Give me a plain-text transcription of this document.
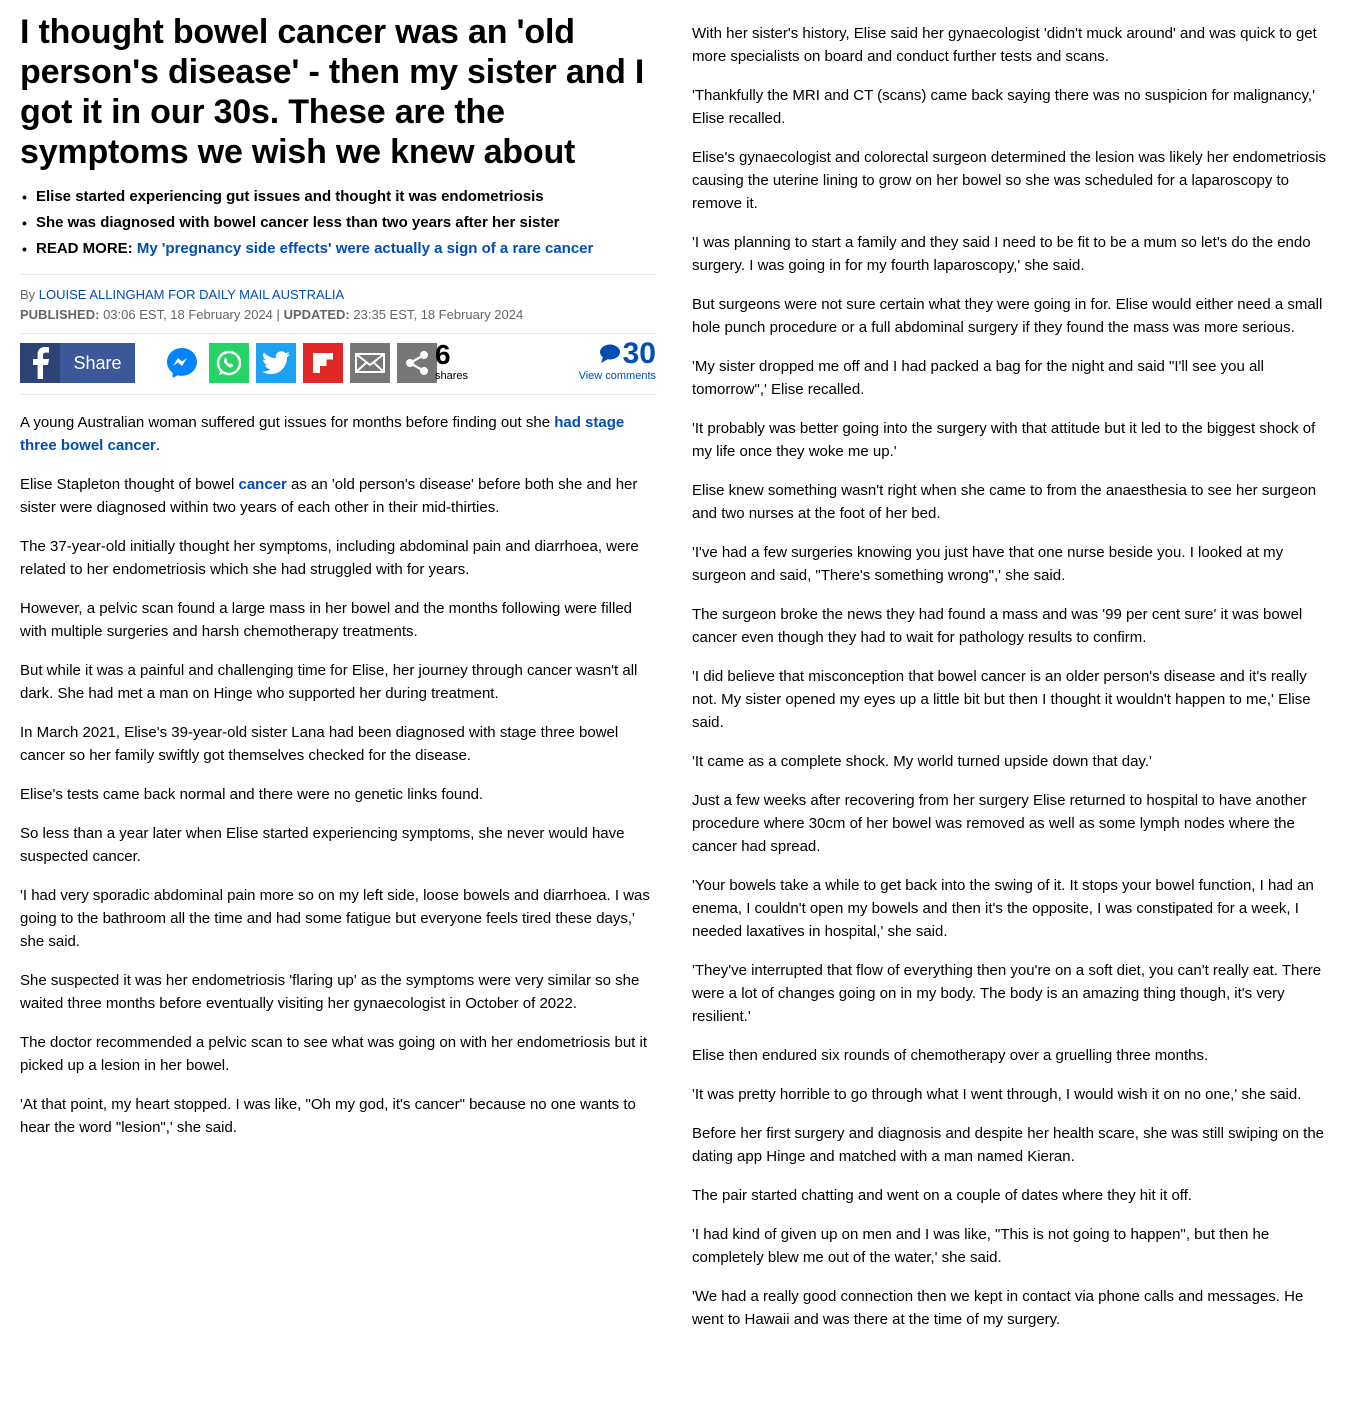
I thought bowel cancer was an 'old person's disease' - then my sister and I got it in our 30s. These are the symptoms we wish we knew about
• Elise started experiencing gut issues and thought it was endometriosis
• She was diagnosed with bowel cancer less than two years after her sister
• READ MORE: My 'pregnancy side effects' were actually a sign of a rare cancer
By LOUISE ALLINGHAM FOR DAILY MAIL AUSTRALIA
PUBLISHED: 03:06 EST, 18 February 2024 | UPDATED: 23:35 EST, 18 February 2024
Share	6
shares
30
View comments

A young Australian woman suffered gut issues for months before finding out she had stage three bowel cancer.

Elise Stapleton thought of bowel cancer as an 'old person's disease' before both she and her sister were diagnosed within two years of each other in their mid-thirties.

The 37-year-old initially thought her symptoms, including abdominal pain and diarrhoea, were related to her endometriosis which she had struggled with for years.

However, a pelvic scan found a large mass in her bowel and the months following were filled with multiple surgeries and harsh chemotherapy treatments.

But while it was a painful and challenging time for Elise, her journey through cancer wasn't all dark. She had met a man on Hinge who supported her during treatment.

In March 2021, Elise's 39-year-old sister Lana had been diagnosed with stage three bowel cancer so her family swiftly got themselves checked for the disease.

Elise's tests came back normal and there were no genetic links found.

So less than a year later when Elise started experiencing symptoms, she never would have suspected cancer.

'I had very sporadic abdominal pain more so on my left side, loose bowels and diarrhoea. I was going to the bathroom all the time and had some fatigue but everyone feels tired these days,' she said.

She suspected it was her endometriosis 'flaring up' as the symptoms were very similar so she waited three months before eventually visiting her gynaecologist in October of 2022.

The doctor recommended a pelvic scan to see what was going on with her endometriosis but it picked up a lesion in her bowel.

'At that point, my heart stopped. I was like, "Oh my god, it's cancer" because no one wants to hear the word "lesion",' she said.

With her sister's history, Elise said her gynaecologist 'didn't muck around' and was quick to get more specialists on board and conduct further tests and scans.

'Thankfully the MRI and CT (scans) came back saying there was no suspicion for malignancy,' Elise recalled.

Elise's gynaecologist and colorectal surgeon determined the lesion was likely her endometriosis causing the uterine lining to grow on her bowel so she was scheduled for a laparoscopy to remove it.

'I was planning to start a family and they said I need to be fit to be a mum so let's do the endo surgery. I was going in for my fourth laparoscopy,' she said.

But surgeons were not sure certain what they were going in for. Elise would either need a small hole punch procedure or a full abdominal surgery if they found the mass was more serious.

'My sister dropped me off and I had packed a bag for the night and said "I'll see you all tomorrow",' Elise recalled.

'It probably was better going into the surgery with that attitude but it led to the biggest shock of my life once they woke me up.'

Elise knew something wasn't right when she came to from the anaesthesia to see her surgeon and two nurses at the foot of her bed.

'I've had a few surgeries knowing you just have that one nurse beside you. I looked at my surgeon and said, "There's something wrong",' she said.

The surgeon broke the news they had found a mass and was '99 per cent sure' it was bowel cancer even though they had to wait for pathology results to confirm.

'I did believe that misconception that bowel cancer is an older person's disease and it's really not. My sister opened my eyes up a little bit but then I thought it wouldn't happen to me,' Elise said.

'It came as a complete shock. My world turned upside down that day.'

Just a few weeks after recovering from her surgery Elise returned to hospital to have another procedure where 30cm of her bowel was removed as well as some lymph nodes where the cancer had spread.

'Your bowels take a while to get back into the swing of it. It stops your bowel function, I had an enema, I couldn't open my bowels and then it's the opposite, I was constipated for a week, I needed laxatives in hospital,' she said.

'They've interrupted that flow of everything then you're on a soft diet, you can't really eat. There were a lot of changes going on in my body. The body is an amazing thing though, it's very resilient.'

Elise then endured six rounds of chemotherapy over a gruelling three months.

'It was pretty horrible to go through what I went through, I would wish it on no one,' she said.

Before her first surgery and diagnosis and despite her health scare, she was still swiping on the dating app Hinge and matched with a man named Kieran.

The pair started chatting and went on a couple of dates where they hit it off.

'I had kind of given up on men and I was like, "This is not going to happen", but then he completely blew me out of the water,' she said.

'We had a really good connection then we kept in contact via phone calls and messages. He went to Hawaii and was there at the time of my surgery.
